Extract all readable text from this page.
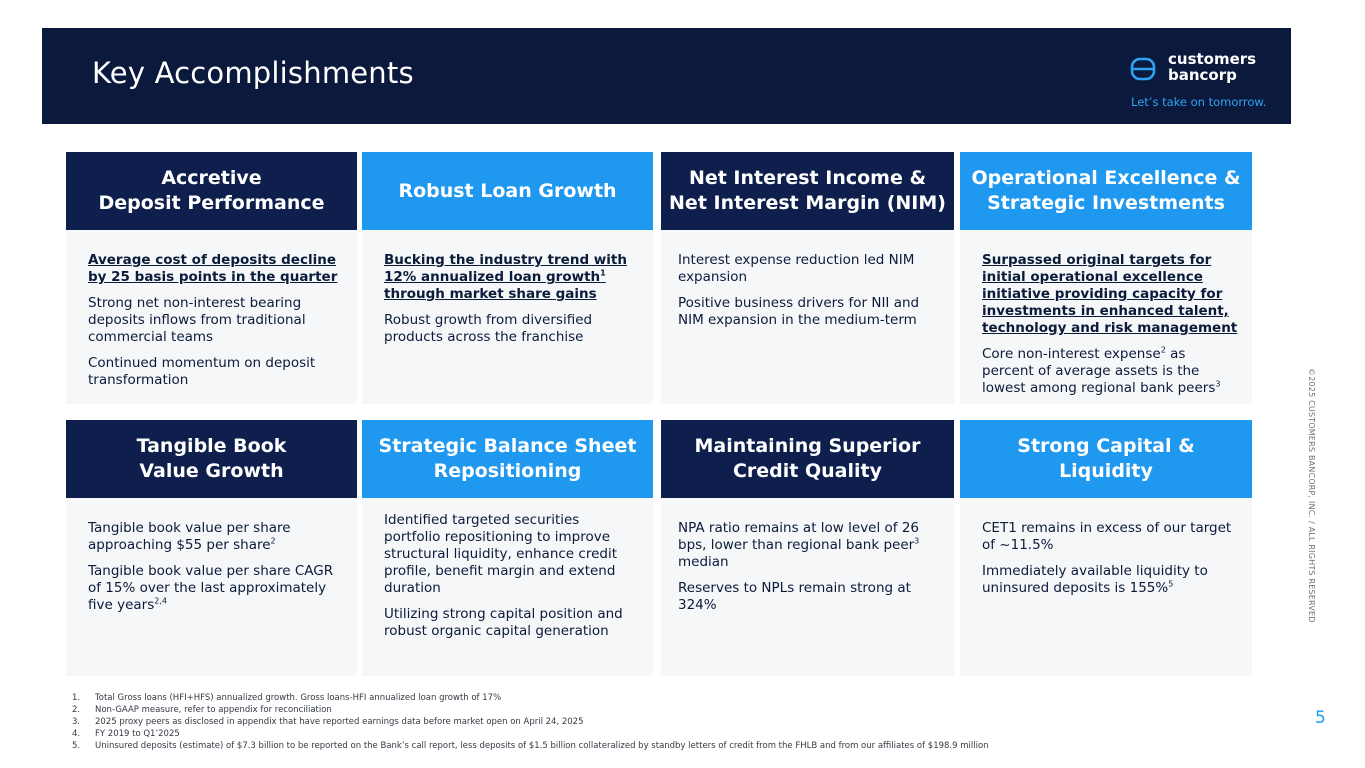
Key Accomplishments	customers
bancorp
Let’s take on tomorrow.
Accretive
Deposit Performance

Average cost of deposits decline by 25 basis points in the quarter

Strong net non-interest bearing deposits inflows from traditional commercial teams

Continued momentum on deposit transformation

Robust Loan Growth

Bucking the industry trend with 12% annualized loan growth$^1$ through market share gains

Robust growth from diversified products across the franchise

Net Interest Income &
Net Interest Margin (NIM)

Interest expense reduction led NIM expansion

Positive business drivers for NII and NIM expansion in the medium-term

Operational Excellence &
Strategic Investments

Surpassed original targets for initial operational excellence initiative providing capacity for investments in enhanced talent, technology and risk management

Core non-interest expense$^2$ as percent of average assets is the lowest among regional bank peers$^3$

Tangible Book
Value Growth

Tangible book value per share approaching $55 per share$^2$

Tangible book value per share CAGR of 15% over the last approximately five years$^{2,4}$

Strategic Balance Sheet
Repositioning

Identified targeted securities portfolio repositioning to improve structural liquidity, enhance credit profile, benefit margin and extend duration

Utilizing strong capital position and robust organic capital generation

Maintaining Superior
Credit Quality

NPA ratio remains at low level of 26 bps, lower than regional bank peer$^3$ median

Reserves to NPLs remain strong at 324%

Strong Capital &
Liquidity

CET1 remains in excess of our target of ~11.5%

Immediately available liquidity to uninsured deposits is 155%$^5$

1.	Total Gross loans (HFI+HFS) annualized growth. Gross loans-HFI annualized loan growth of 17%
2.	Non-GAAP measure, refer to appendix for reconciliation
3.	2025 proxy peers as disclosed in appendix that have reported earnings data before market open on April 24, 2025
4.	FY 2019 to Q1’2025
5.	Uninsured deposits (estimate) of $7.3 billion to be reported on the Bank’s call report, less deposits of $1.5 billion collateralized by standby letters of credit from the FHLB and from our affiliates of $198.9 million
©2025 CUSTOMERS BANCORP, INC. / ALL RIGHTS RESERVED
5
